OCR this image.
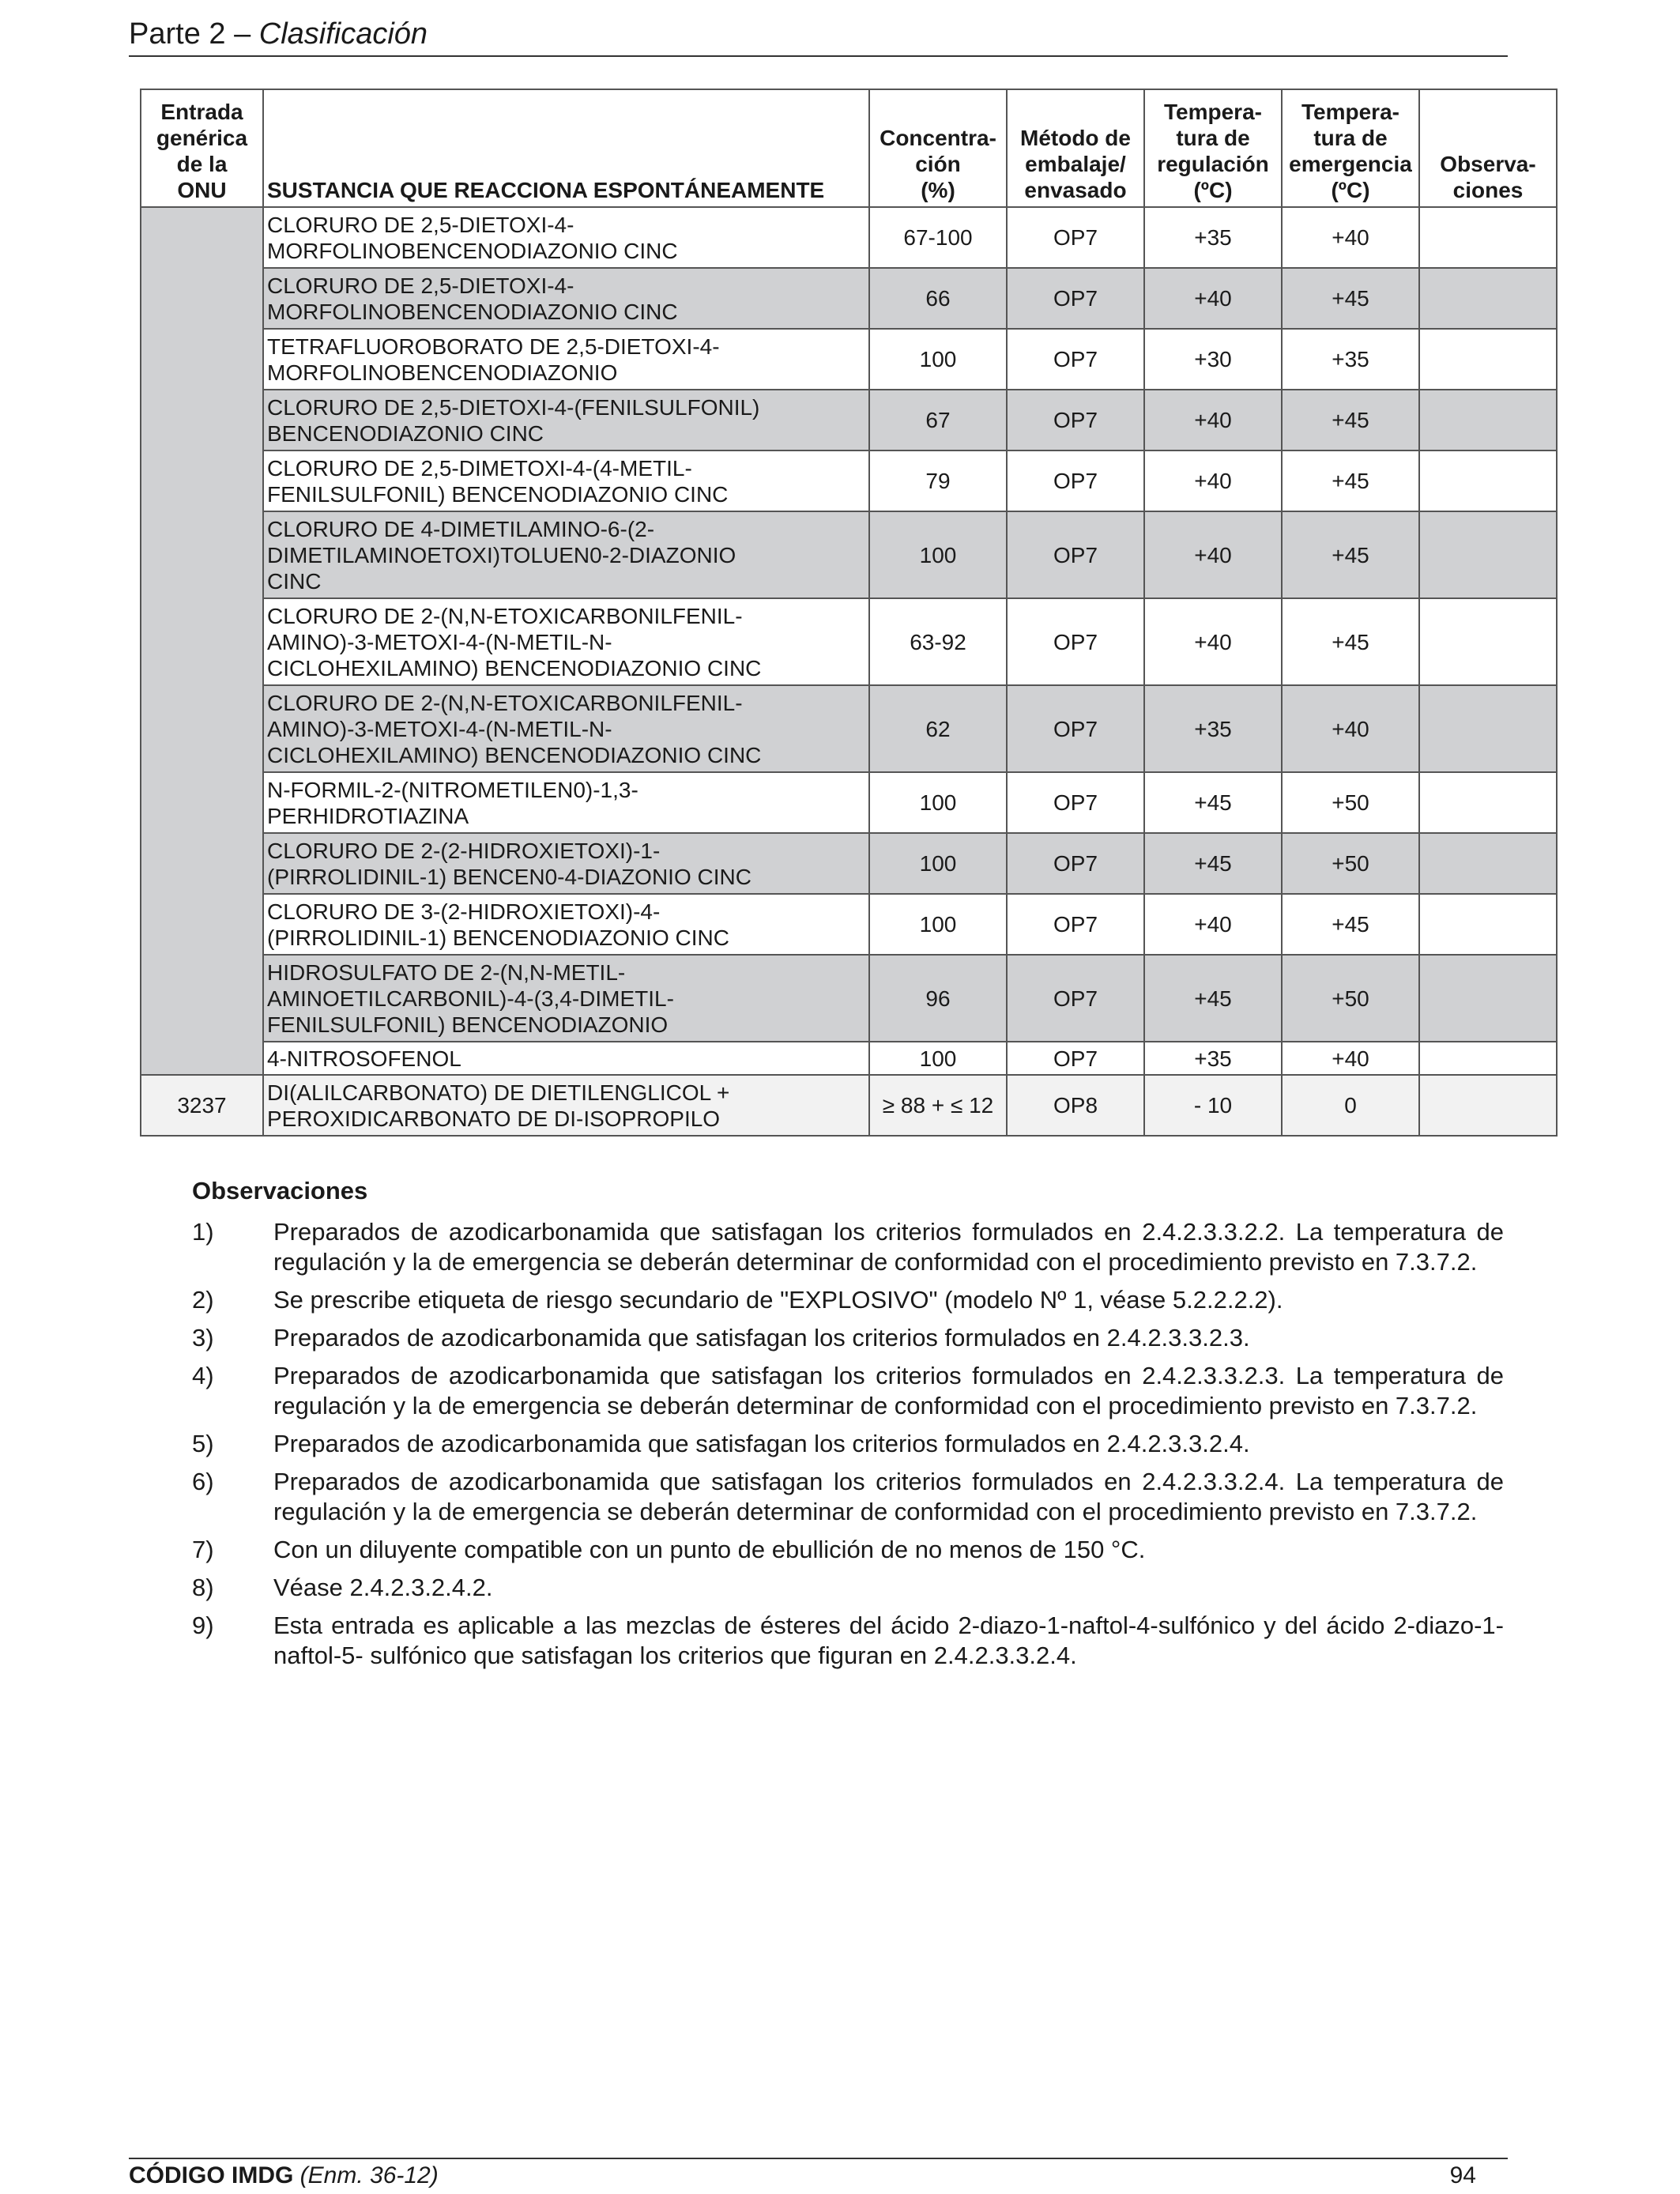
Parte 2 – Clasificación
Entrada
genérica
de la
ONU	SUSTANCIA QUE REACCIONA ESPONTÁNEAMENTE	Concentra-
ción
(%)	Método de
embalaje/
envasado	Tempera-
tura de
regulación
(ºC)	Tempera-
tura de
emergencia
(ºC)	Observa-
ciones
	CLORURO DE 2,5-DIETOXI-4-
MORFOLINOBENCENODIAZONIO CINC	67-100	OP7	+35	+40	
	CLORURO DE 2,5-DIETOXI-4-
MORFOLINOBENCENODIAZONIO CINC	66	OP7	+40	+45	
	TETRAFLUOROBORATO DE 2,5-DIETOXI-4-
MORFOLINOBENCENODIAZONIO	100	OP7	+30	+35	
	CLORURO DE 2,5-DIETOXI-4-(FENILSULFONIL)
BENCENODIAZONIO CINC	67	OP7	+40	+45	
	CLORURO DE 2,5-DIMETOXI-4-(4-METIL-
FENILSULFONIL) BENCENODIAZONIO CINC	79	OP7	+40	+45	
	CLORURO DE 4-DIMETILAMINO-6-(2-
DIMETILAMINOETOXI)TOLUEN0-2-DIAZONIO
CINC	100	OP7	+40	+45	
	CLORURO DE 2-(N,N-ETOXICARBONILFENIL-
AMINO)-3-METOXI-4-(N-METIL-N-
CICLOHEXILAMINO) BENCENODIAZONIO CINC	63-92	OP7	+40	+45	
	CLORURO DE 2-(N,N-ETOXICARBONILFENIL-
AMINO)-3-METOXI-4-(N-METIL-N-
CICLOHEXILAMINO) BENCENODIAZONIO CINC	62	OP7	+35	+40	
	N-FORMIL-2-(NITROMETILEN0)-1,3-
PERHIDROTIAZINA	100	OP7	+45	+50	
	CLORURO DE 2-(2-HIDROXIETOXI)-1-
(PIRROLIDINIL-1) BENCEN0-4-DIAZONIO CINC	100	OP7	+45	+50	
	CLORURO DE 3-(2-HIDROXIETOXI)-4-
(PIRROLIDINIL-1) BENCENODIAZONIO CINC	100	OP7	+40	+45	
	HIDROSULFATO DE 2-(N,N-METIL-
AMINOETILCARBONIL)-4-(3,4-DIMETIL-
FENILSULFONIL) BENCENODIAZONIO	96	OP7	+45	+50	
	4-NITROSOFENOL	100	OP7	+35	+40	
3237	DI(ALILCARBONATO) DE DIETILENGLICOL +
PEROXIDICARBONATO DE DI-ISOPROPILO	≥ 88 + ≤ 12	OP8	- 10	0	
Observaciones
1)	Preparados de azodicarbonamida que satisfagan los criterios formulados en 2.4.2.3.3.2.2. La temperatura de regulación y la de emergencia se deberán determinar de conformidad con el procedimiento previsto en 7.3.7.2.
2)	Se prescribe etiqueta de riesgo secundario de "EXPLOSIVO" (modelo Nº 1, véase 5.2.2.2.2).
3)	Preparados de azodicarbonamida que satisfagan los criterios formulados en 2.4.2.3.3.2.3.
4)	Preparados de azodicarbonamida que satisfagan los criterios formulados en 2.4.2.3.3.2.3. La temperatura de regulación y la de emergencia se deberán determinar de conformidad con el procedimiento previsto en 7.3.7.2.
5)	Preparados de azodicarbonamida que satisfagan los criterios formulados en 2.4.2.3.3.2.4.
6)	Preparados de azodicarbonamida que satisfagan los criterios formulados en 2.4.2.3.3.2.4. La temperatura de regulación y la de emergencia se deberán determinar de conformidad con el procedimiento previsto en 7.3.7.2.
7)	Con un diluyente compatible con un punto de ebullición de no menos de 150 °C.
8)	Véase 2.4.2.3.2.4.2.
9)	Esta entrada es aplicable a las mezclas de ésteres del ácido 2-diazo-1-naftol-4-sulfónico y del ácido 2-diazo-1-naftol-5- sulfónico que satisfagan los criterios que figuran en 2.4.2.3.3.2.4.
CÓDIGO IMDG (Enm. 36-12)	94
